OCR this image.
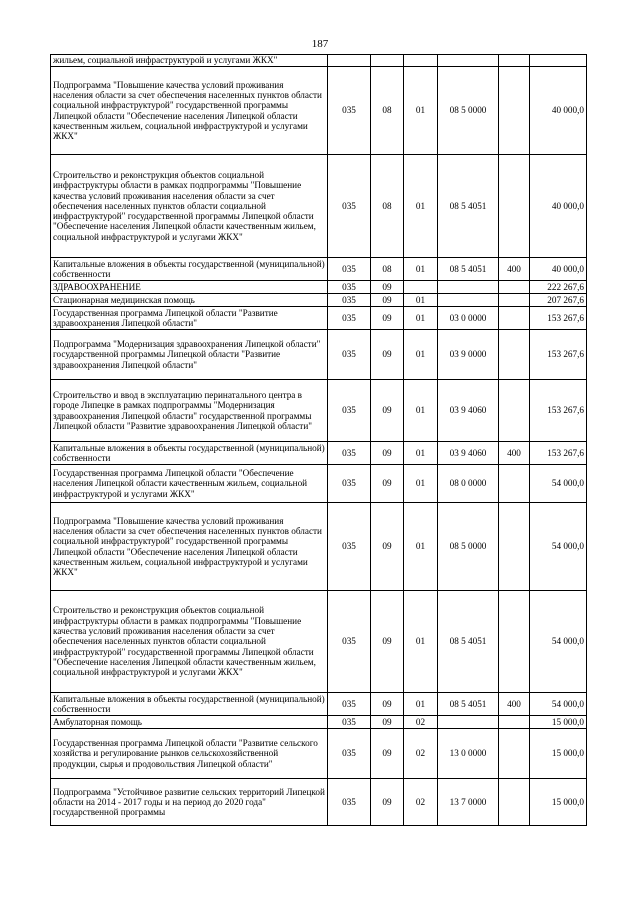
187
жильем, социальной инфраструктурой и услугами ЖКХ"						
Подпрограмма "Повышение качества условий проживания населения области за счет обеспечения населенных пунктов области социальной инфраструктурой" государственной программы Липецкой области "Обеспечение населения Липецкой области качественным жильем, социальной инфраструктурой и услугами ЖКХ"	035	08	01	08 5 0000		40 000,0
Строительство и реконструкция объектов социальной инфраструктуры области в рамках подпрограммы "Повышение качества условий проживания населения области за счет обеспечения населенных пунктов области социальной инфраструктурой" государственной программы Липецкой области "Обеспечение населения Липецкой области качественным жильем, социальной инфраструктурой и услугами ЖКХ"	035	08	01	08 5 4051		40 000,0
Капитальные вложения в объекты государственной (муниципальной) собственности	035	08	01	08 5 4051	400	40 000,0
ЗДРАВООХРАНЕНИЕ	035	09				222 267,6
Стационарная медицинская помощь	035	09	01			207 267,6
Государственная программа Липецкой области "Развитие здравоохранения Липецкой области"	035	09	01	03 0 0000		153 267,6
Подпрограмма "Модернизация здравоохранения Липецкой области" государственной программы Липецкой области "Развитие здравоохранения Липецкой области"	035	09	01	03 9 0000		153 267,6
Строительство и ввод в эксплуатацию перинатального центра в городе Липецке в рамках подпрограммы "Модернизация здравоохранения Липецкой области" государственной программы Липецкой области "Развитие здравоохранения Липецкой области"	035	09	01	03 9 4060		153 267,6
Капитальные вложения в объекты государственной (муниципальной) собственности	035	09	01	03 9 4060	400	153 267,6
Государственная программа Липецкой области "Обеспечение населения Липецкой области качественным жильем, социальной инфраструктурой и услугами ЖКХ"	035	09	01	08 0 0000		54 000,0
Подпрограмма "Повышение качества условий проживания населения области за счет обеспечения населенных пунктов области социальной инфраструктурой" государственной программы Липецкой области "Обеспечение населения Липецкой области качественным жильем, социальной инфраструктурой и услугами ЖКХ"	035	09	01	08 5 0000		54 000,0
Строительство и реконструкция объектов социальной инфраструктуры области в рамках подпрограммы "Повышение качества условий проживания населения области за счет обеспечения населенных пунктов области социальной инфраструктурой" государственной программы Липецкой области "Обеспечение населения Липецкой области качественным жильем, социальной инфраструктурой и услугами ЖКХ"	035	09	01	08 5 4051		54 000,0
Капитальные вложения в объекты государственной (муниципальной) собственности	035	09	01	08 5 4051	400	54 000,0
Амбулаторная помощь	035	09	02			15 000,0
Государственная программа Липецкой области "Развитие сельского хозяйства и регулирование рынков сельскохозяйственной продукции, сырья и продовольствия Липецкой области"	035	09	02	13 0 0000		15 000,0
Подпрограмма "Устойчивое развитие сельских территорий Липецкой области на 2014 - 2017 годы и на период до 2020 года" государственной программы	035	09	02	13 7 0000		15 000,0
